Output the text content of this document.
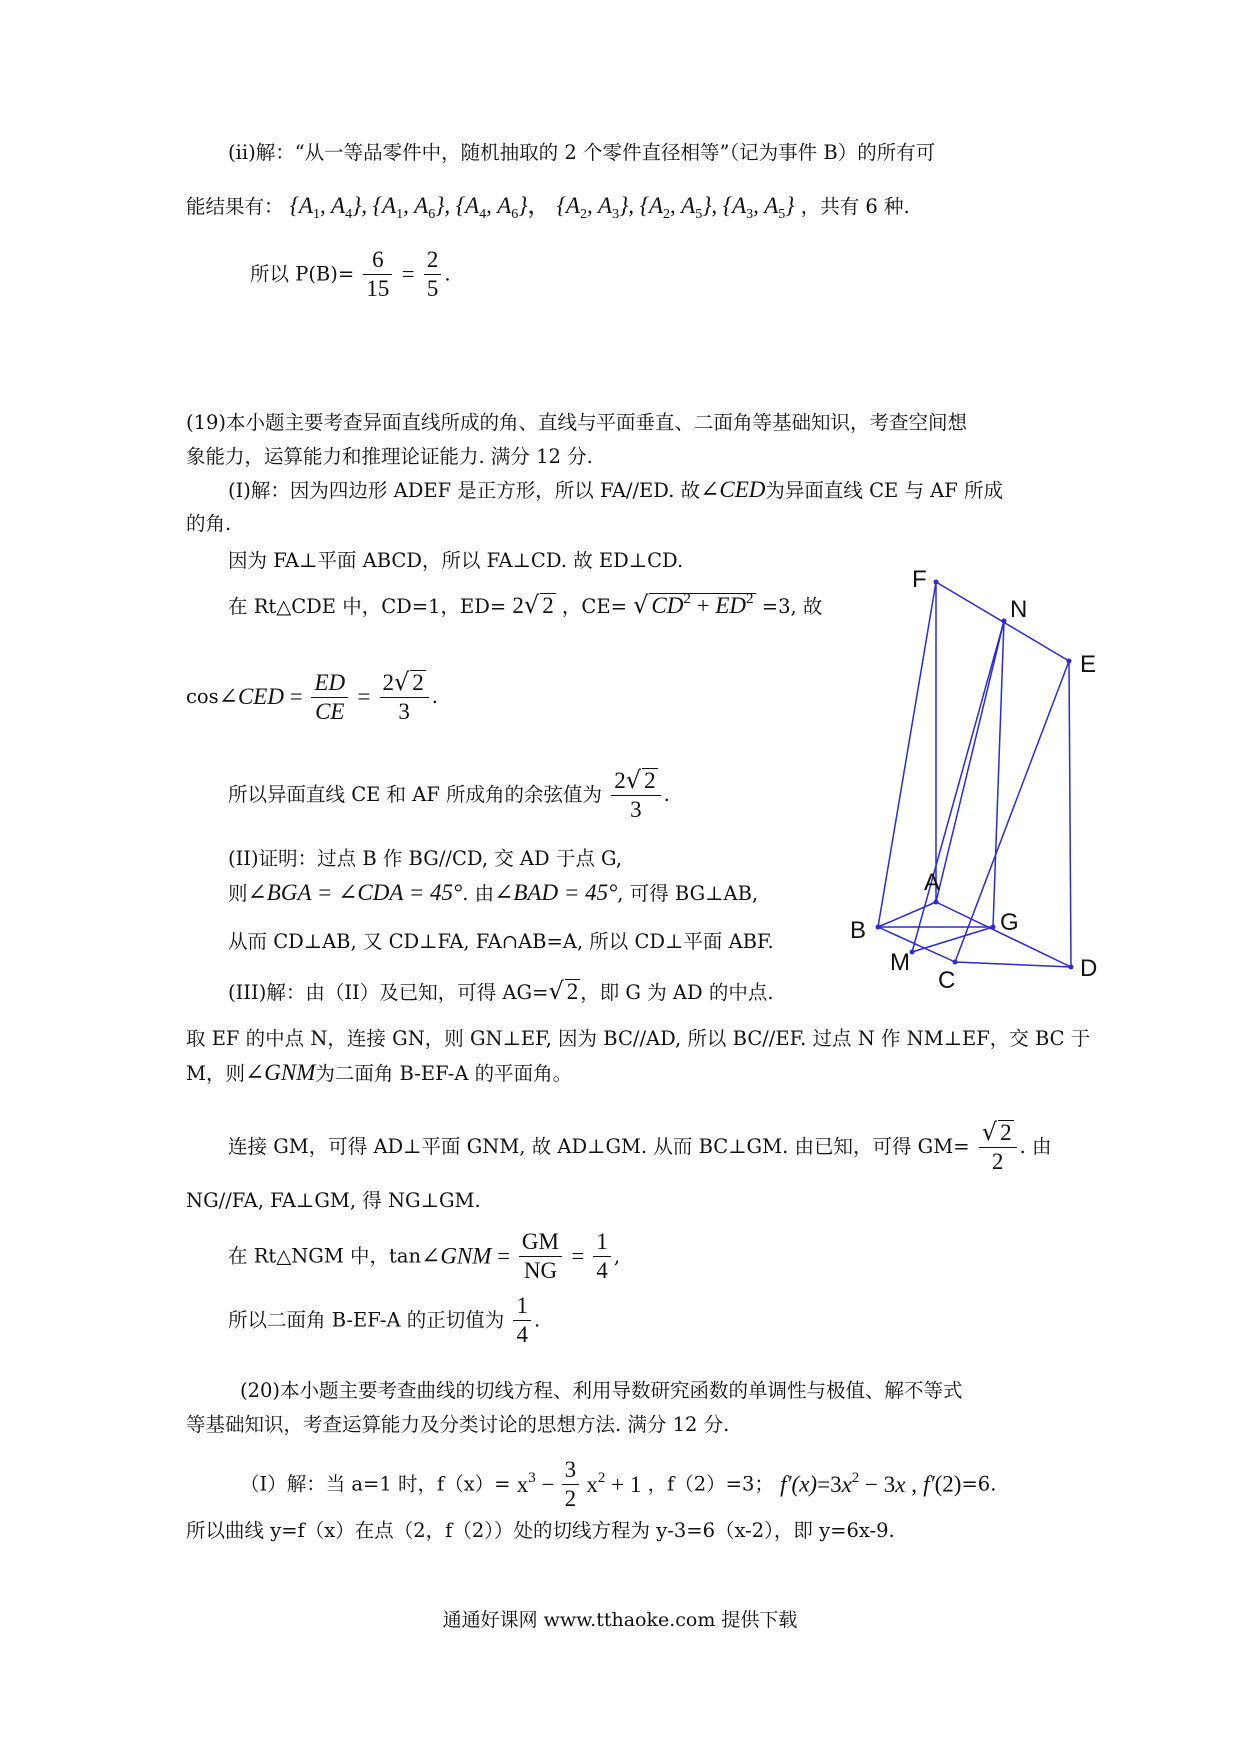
(ii)解：“从一等品零件中，随机抽取的 2 个零件直径相等”（记为事件 B）的所有可
能结果有： {$A_1$, $A_4$}, {$A_1$, $A_6$}, {$A_4$, $A_6$}， {$A_2$, $A_3$}, {$A_2$, $A_5$}, {$A_3$, $A_5$} ，共有 6 种.
所以 $P(B)= \frac{6}{15} = \frac{2}{5}$ .
(19)本小题主要考查异面直线所成的角、直线与平面垂直、二面角等基础知识，考查空间想
象能力，运算能力和推理论证能力. 满分 12 分.
(I)解：因为四边形 ADEF 是正方形，所以 FA//ED. 故∠CED为异面直线 CE 与 AF 所成
的角.
因为 FA⊥平面 ABCD，所以 FA⊥CD. 故 ED⊥CD.
在 Rt△CDE 中，CD=1，ED= 2√ 2 ，CE= √ $CD^2 + ED^2 =3$, 故
cos∠CED = $\frac{ED}{CE} = \frac{2√ 2}{3}$ .
所以异面直线 CE 和 AF 所成角的余弦值为 $\frac{2√ 2}{3}$ .
(II)证明：过点 B 作 BG//CD, 交 AD 于点 G,
则∠BGA = ∠CDA = 45°. 由∠BAD = 45°, 可得 BG⊥AB,
从而 CD⊥AB, 又 CD⊥FA, FA∩AB=A, 所以 CD⊥平面 ABF.
(III)解：由（II）及已知，可得 AG=√ 2 ，即 G 为 AD 的中点.
取 EF 的中点 N，连接 GN，则 GN⊥EF, 因为 BC//AD, 所以 BC//EF. 过点 N 作 NM⊥EF，交 BC 于
M，则∠GNM为二面角 B-EF-A 的平面角。
连接 GM，可得 AD⊥平面 GNM, 故 AD⊥GM. 从而 BC⊥GM. 由已知，可得 $GM= \frac{√ 2}{2}$ . 由
NG//FA, FA⊥GM, 得 NG⊥GM.
在 Rt△NGM 中，tan∠GNM = $\frac{GM}{NG} = \frac{1}{4}$ ,
所以二面角 B-EF-A 的正切值为 $\frac{1}{4}$ .
(20)本小题主要考查曲线的切线方程、利用导数研究函数的单调性与极值、解不等式
等基础知识，考查运算能力及分类讨论的思想方法. 满分 12 分.
（I）解：当 a=1 时，$f(x)= x^3 - \frac{3}{2} x^2 + 1$ ，f（2）=3； $f'(x)=3x^2 - 3x$ , f′(2)=6.
所以曲线 y=f（x）在点（2，f（2））处的切线方程为 y-3=6（x-2），即 y=6x-9.
F
N
E
A
G
B
M	D
C
通通好课网 www.tthaoke.com 提供下载
